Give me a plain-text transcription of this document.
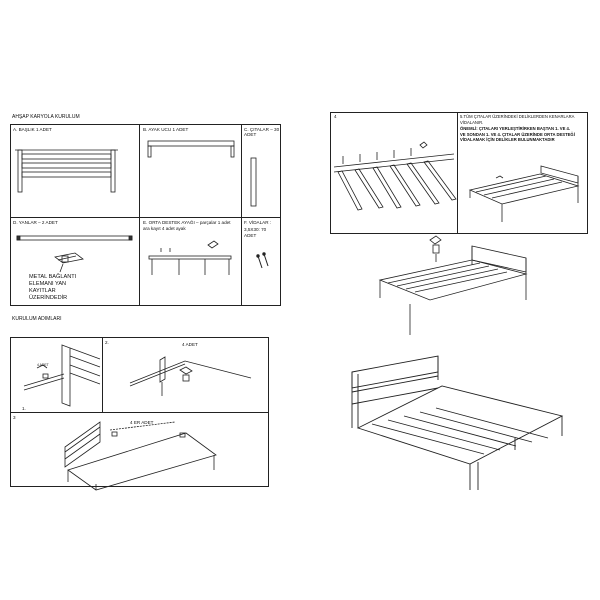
AHŞAP KARYOLA KURULUM
A. BAŞLIK 1 ADET	B. AYAK UCU 1 ADET	C. ÇITALAR – 30
ADET
D. YANLAR – 2 ADET	E. ORTA DESTEK AYAĞI – parçalar 1 adet
ara kayıt 4 adet ayak
F. VİDALAR :
3,5X30: 70
ADET
METAL BAĞLANTI
ELEMANI YAN
KAYITLAR
ÜZERİNDEDİR
KURULUM ADIMLARI
1.
4 ADET
2.	4 ADET
3
4 ER ADET
4	5.TÜM ÇITALAR ÜZERİNDEKİ DELİKLERDEN KENARLARA
VİDALANIR.
ÖNEMLİ: ÇITALARI YERLEŞTİRİRKEN BAŞTAN 1. VE 4.
VE SONDAN 1. VE 4. ÇITALAR ÜZERİNDE ORTA DESTEĞİ
VİDALAMAK İÇİN DELİKLER BULUNMAKTADIR
